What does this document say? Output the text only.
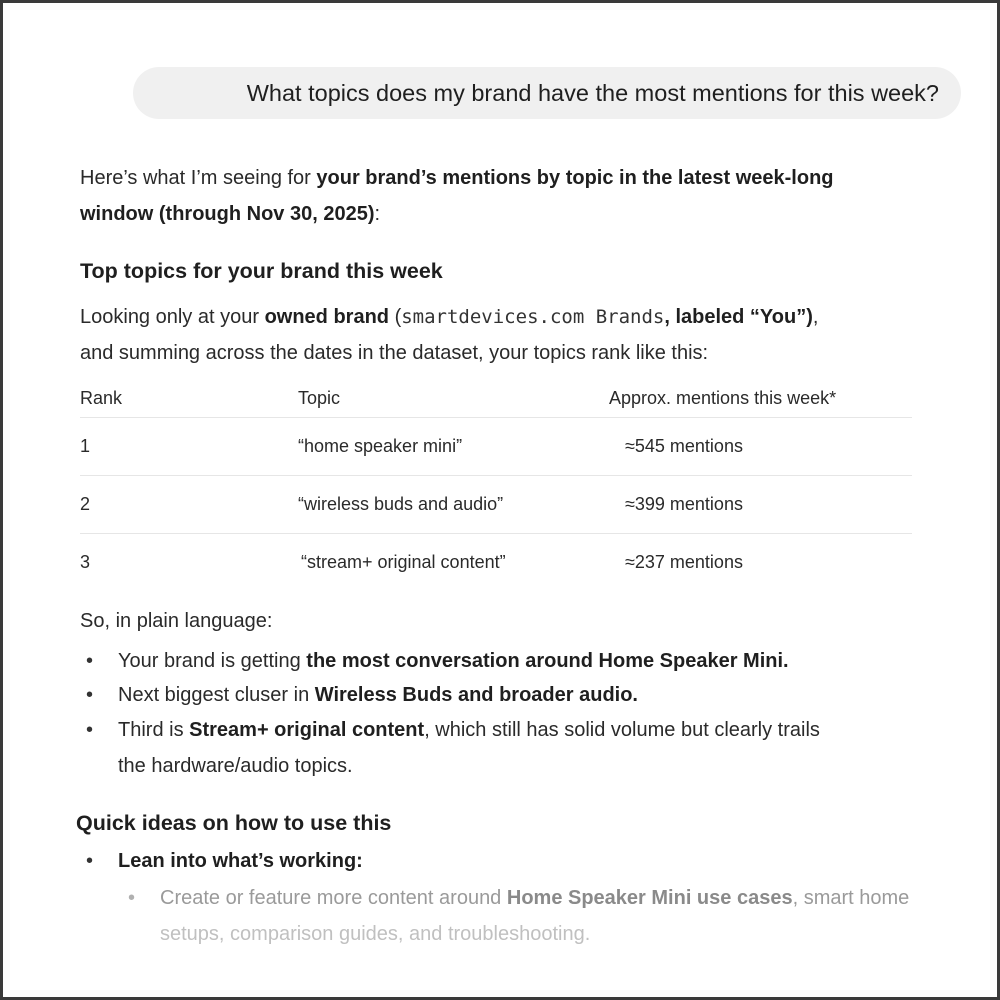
What topics does my brand have the most mentions for this week?
Here’s what I’m seeing for your brand’s mentions by topic in the latest week-long
window (through Nov 30, 2025):
Top topics for your brand this week
Looking only at your owned brand (smartdevices.com Brands, labeled “You”),
and summing across the dates in the dataset, your topics rank like this:
Rank	Topic	Approx. mentions this week*
1	“home speaker mini”	≈545 mentions
2	“wireless buds and audio”	≈399 mentions
3	“stream+ original content”	≈237 mentions
So, in plain language:
• Your brand is getting the most conversation around Home Speaker Mini.
• Next biggest cluser in Wireless Buds and broader audio.
• Third is Stream+ original content, which still has solid volume but clearly trails
the hardware/audio topics.
Quick ideas on how to use this
• Lean into what’s working:
• Create or feature more content around Home Speaker Mini use cases, smart home
setups, comparison guides, and troubleshooting.
